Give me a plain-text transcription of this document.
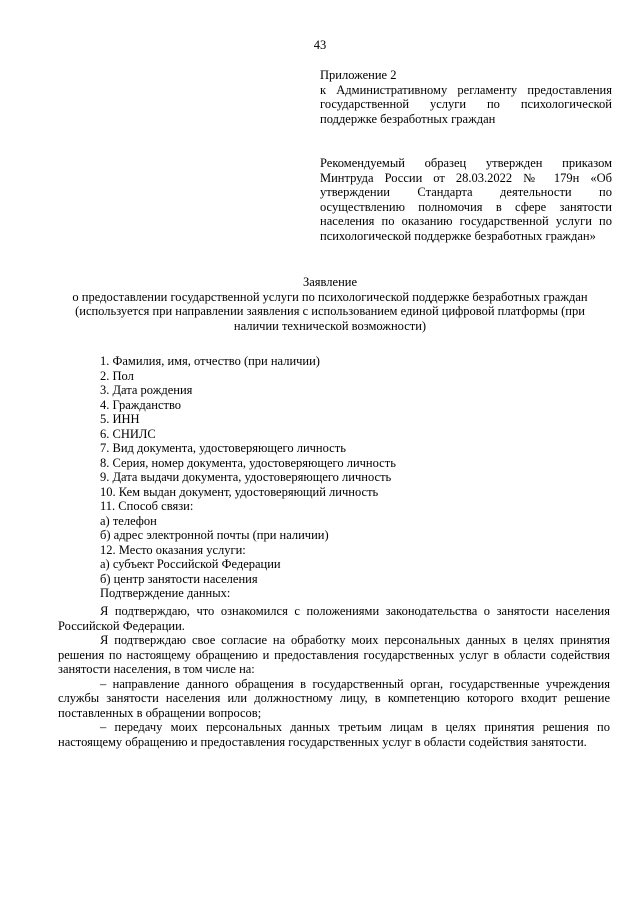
43
Приложение 2
к Административному регламенту предоставления
государственной услуги по психологической
поддержке безработных граждан
Рекомендуемый образец утвержден приказом
Минтруда России от 28.03.2022 № 179н «Об
утверждении Стандарта деятельности по
осуществлению полномочия в сфере занятости
населения по оказанию государственной услуги по
психологической поддержке безработных граждан»
Заявление
о предоставлении государственной услуги по психологической поддержке безработных граждан
(используется при направлении заявления с использованием единой цифровой платформы (при
наличии технической возможности)
1. Фамилия, имя, отчество (при наличии)
2. Пол
3. Дата рождения
4. Гражданство
5. ИНН
6. СНИЛС
7. Вид документа, удостоверяющего личность
8. Серия, номер документа, удостоверяющего личность
9. Дата выдачи документа, удостоверяющего личность
10. Кем выдан документ, удостоверяющий личность
11. Способ связи:
а) телефон
б) адрес электронной почты (при наличии)
12. Место оказания услуги:
а) субъект Российской Федерации
б) центр занятости населения
Подтверждение данных:
Я подтверждаю, что ознакомился с положениями законодательства о занятости населения
Российской Федерации.
Я подтверждаю свое согласие на обработку моих персональных данных в целях принятия
решения по настоящему обращению и предоставления государственных услуг в области содействия
занятости населения, в том числе на:
– направление данного обращения в государственный орган, государственные учреждения
службы занятости населения или должностному лицу, в компетенцию которого входит решение
поставленных в обращении вопросов;
– передачу моих персональных данных третьим лицам в целях принятия решения по
настоящему обращению и предоставления государственных услуг в области содействия занятости.
